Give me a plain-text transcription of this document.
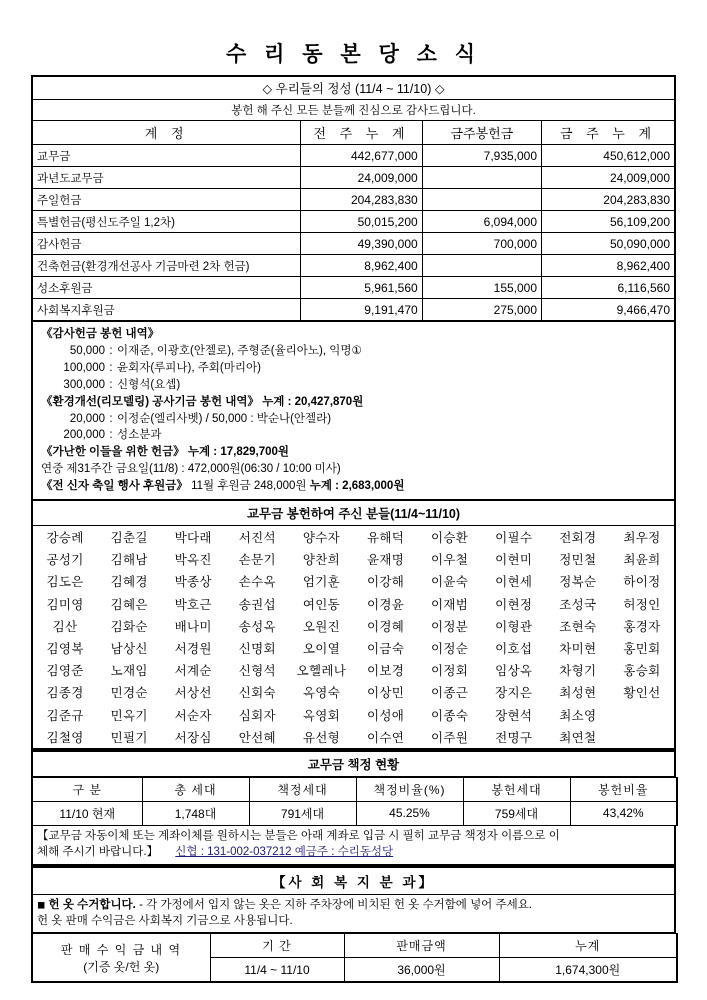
수 리 동 본 당 소 식
◇ 우리들의 정성 (11/4 ~ 11/10) ◇			
봉헌 해 주신 모든 분들께 진심으로 감사드립니다.			
계 정	전 주 누 계	금주봉헌금	금 주 누 계
교무금	442,677,000	7,935,000	450,612,000
과년도교무금	24,009,000		24,009,000
주일헌금	204,283,830		204,283,830
특별헌금(평신도주일 1,2차)	50,015,200	6,094,000	56,109,200
감사헌금	49,390,000	700,000	50,090,000
건축헌금(환경개선공사 기금마련 2차 헌금)	8,962,400		8,962,400
성소후원금	5,961,560	155,000	6,116,560
사회복지후원금	9,191,470	275,000	9,466,470
《감사헌금 봉헌 내역》
50,000 : 이재준, 이광호(안젤로), 주형준(율리아노), 익명①
100,000 : 윤회자(루피나), 주회(마리아)
300,000 : 신형석(요셉)
《환경개선(리모델링) 공사기금 봉헌 내역》 누계 : 20,427,870원
20,000 : 이정순(엘리사벳) / 50,000 : 박순나(안젤라)
200,000 : 성소분과
《가난한 이들을 위한 헌금》 누계 : 17,829,700원
연중 제31주간 금요일(11/8) : 472,000원(06:30 / 10:00 미사)
《전 신자 축일 행사 후원금》 11월 후원금 248,000원 누계 : 2,683,000원
교무금 봉헌하여 주신 분들(11/4~11/10)
강승례	김춘길	박다래	서진석	양수자	유해덕	이승환	이필수	전회경	최우정
공성기	김해남	박옥진	손문기	양찬희	윤재명	이우철	이현미	정민철	최윤희
김도은	김혜경	박종상	손수옥	엄기훈	이강해	이윤숙	이현세	정복순	하이정
김미영	김혜은	박호근	송권섭	여인동	이경윤	이재범	이현정	조성국	허정인
김산	김화순	배나미	송성옥	오원진	이경혜	이정분	이형관	조현숙	홍경자
김영복	남상신	서경원	신명회	오이열	이금숙	이정순	이호섭	차미현	홍민회
김영준	노재임	서계순	신형석	오헬레나	이보경	이정회	임상옥	차형기	홍승회
김종경	민경순	서상선	신회숙	옥영숙	이상민	이종근	장지은	최성현	황인선
김준규	민옥기	서순자	심회자	옥영회	이성애	이종숙	장현석	최소영	
김철영	민필기	서장심	안선혜	유선형	이수연	이주원	전명구	최연철	
교무금 책정 현황
구 분	총 세대	책정세대	책정비율(%)	봉헌세대	봉헌비율
11/10 현재	1,748대	791세대	45.25%	759세대	43,42%
【교무금 자동이체 또는 계좌이체를 원하시는 분들은 아래 계좌로 입금 시 필히 교무금 책정자 이름으로 이
체해 주시기 바랍니다.】 신협 : 131-002-037212 예금주 : 수리동성당
【사 회 복 지 분 과】
◼ 헌 옷 수거합니다. - 각 가정에서 입지 않는 옷은 지하 주차장에 비치된 헌 옷 수거함에 넣어 주세요.
헌 옷 판매 수익금은 사회복지 기금으로 사용됩니다.
판 매 수 익 금 내 역
(기증 옷/헌 옷)	기 간	판매금액	누계
	11/4 ~ 11/10	36,000원	1,674,300원
